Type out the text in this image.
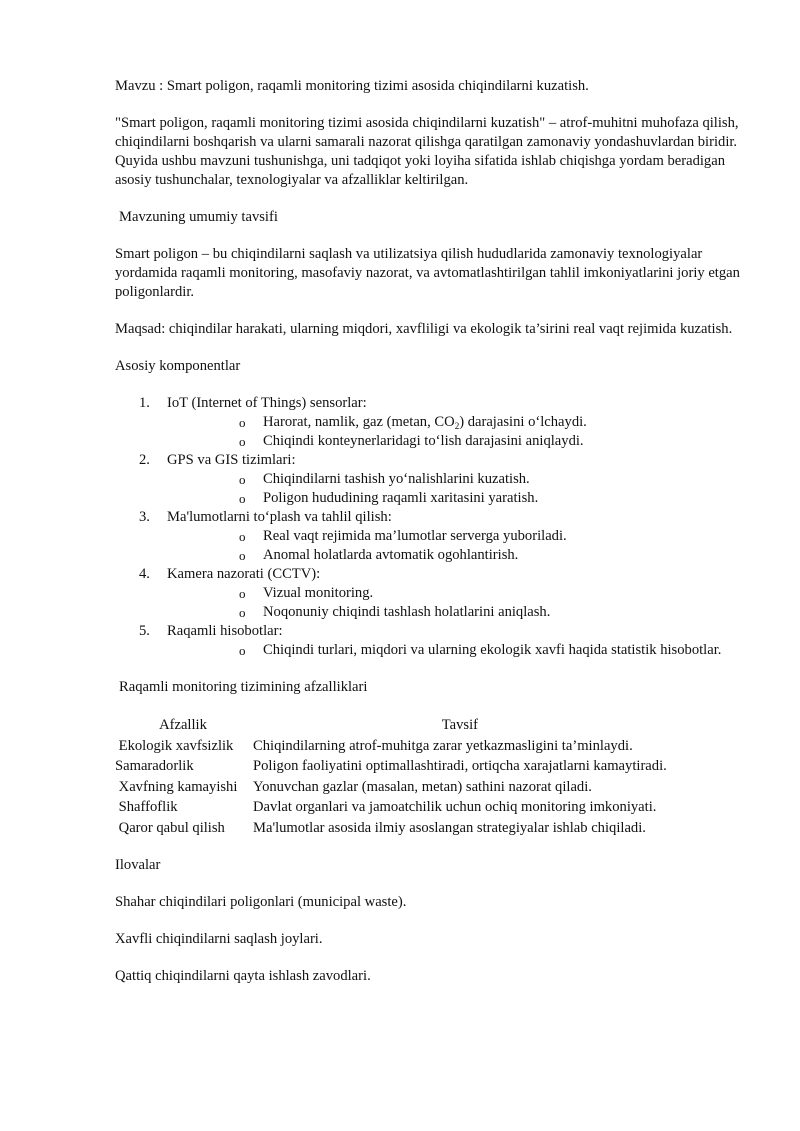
Mavzu : Smart poligon, raqamli monitoring tizimi asosida chiqindilarni kuzatish.

"Smart poligon, raqamli monitoring tizimi asosida chiqindilarni kuzatish" – atrof-muhitni muhofaza qilish, chiqindilarni boshqarish va ularni samarali nazorat qilishga qaratilgan zamonaviy yondashuvlardan biridir. Quyida ushbu mavzuni tushunishga, uni tadqiqot yoki loyiha sifatida ishlab chiqishga yordam beradigan asosiy tushunchalar, texnologiyalar va afzalliklar keltirilgan.

Mavzuning umumiy tavsifi

Smart poligon – bu chiqindilarni saqlash va utilizatsiya qilish hududlarida zamonaviy texnologiyalar yordamida raqamli monitoring, masofaviy nazorat, va avtomatlashtirilgan tahlil imkoniyatlarini joriy etgan poligonlardir.

Maqsad: chiqindilar harakati, ularning miqdori, xavfliligi va ekologik ta’sirini real vaqt rejimida kuzatish.

Asosiy komponentlar

1. IoT (Internet of Things) sensorlar:
o Harorat, namlik, gaz (metan, $CO_2$) darajasini o‘lchaydi.
o Chiqindi konteynerlaridagi to‘lish darajasini aniqlaydi.
2. GPS va GIS tizimlari:
o Chiqindilarni tashish yo‘nalishlarini kuzatish.
o Poligon hududining raqamli xaritasini yaratish.
3. Ma'lumotlarni to‘plash va tahlil qilish:
o Real vaqt rejimida ma’lumotlar serverga yuboriladi.
o Anomal holatlarda avtomatik ogohlantirish.
4. Kamera nazorati (CCTV):
o Vizual monitoring.
o Noqonuniy chiqindi tashlash holatlarini aniqlash.
5. Raqamli hisobotlar:
o Chiqindi turlari, miqdori va ularning ekologik xavfi haqida statistik hisobotlar.

Raqamli monitoring tizimining afzalliklari

Afzallik	Tavsif
Ekologik xavfsizlik	Chiqindilarning atrof-muhitga zarar yetkazmasligini ta’minlaydi.
Samaradorlik	Poligon faoliyatini optimallashtiradi, ortiqcha xarajatlarni kamaytiradi.
Xavfning kamayishi	Yonuvchan gazlar (masalan, metan) sathini nazorat qiladi.
Shaffoflik	Davlat organlari va jamoatchilik uchun ochiq monitoring imkoniyati.
Qaror qabul qilish	Ma'lumotlar asosida ilmiy asoslangan strategiyalar ishlab chiqiladi.

Ilovalar

Shahar chiqindilari poligonlari (municipal waste).

Xavfli chiqindilarni saqlash joylari.

Qattiq chiqindilarni qayta ishlash zavodlari.
